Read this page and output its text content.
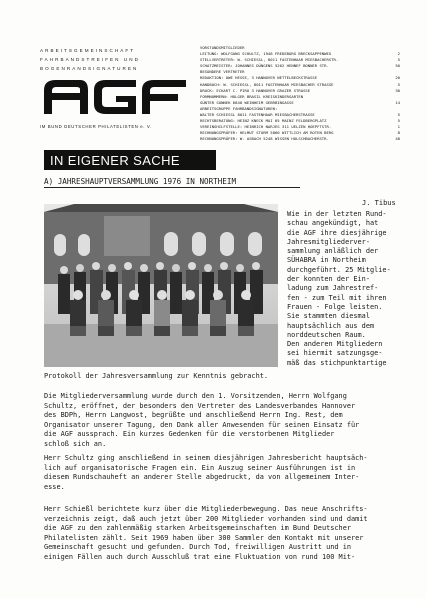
ARBEITSGEMEINSCHAFT
FAHRBANDSTREIFEN UND
BOGENRANDSIGNATUREN
AGF
IM BUND DEUTSCHER PHILATELISTEN e. V.
VORSTANDSMITGLIEDER
LEITUNG: WOLFGANG SCHULTZ, 1948 FREDEBURG BRECKSAPPENWEG	2
STELLVERTRETER: W. SCHIESSL, 8011 FASTENHAAR MIESBACHERSTR.	5
SCHATZMEISTER: JOHANNES DÜNGENS 5202 HENNEF BONNER STR.	50
BESONDERE VERTRETER
REDAKTION: UWE HESSE, 3 HANNOVER NETTELBECKSTRASSE	20
HANDBUCH: W. SCHIESSL, 8011 FASTENHAAR MIESBACHER STRASSE	5
DRUCK: ECKART C. PIRO 3 HANNOVER GRAZER STRASSE	30
FORMNUMMERN: HOLGER BRASIL KREISKINDERGARTEN
GÜNTER SONNEK 6840 WEINHEIM GEBRBINGASSE	14
ARBEITSGRUPPE FAHRBANDSIGNATUREN:
WALTER SCHIESSL 8011 FASTENHAAR MIESBACHERSTRASSE	5
RECHTSBERATUNG: HEINZ KNECK MAI 65 MAINZ FELDBERGPLATZ	5
VEREINSHILFSTELLE: HEINRICH NARJES 311 UELZEN HOEPFTSTR.	1
RECHNUNGSPRÜFER: HELMUT STURM 5860 WITTLICH AM ROTEN BERG	8
RECHNUNGSPRÜFER: W. ASBACH 5248 WISSEN HOLSCHBACHERSTR.	48
IN EIGENER SACHE
A) JAHRESHAUPTVERSAMMLUNG 1976 IN NORTHEIM
J. Tibus
Wie in der letzten Rund-
schau angekündigt, hat
die AGF ihre diesjährige
Jahresmitgliederver-
sammlung anläßlich der
SÜHABRA in Northeim
durchgeführt. 25 Mitglie-
der konnten der Ein-
ladung zum Jahrestref-
fen - zum Teil mit ihren
Frauen - Folge leisten.
Sie stammten diesmal
hauptsächlich aus dem
norddeutschen Raum.
Den anderen Mitgliedern
sei hiermit satzungsge-
mäß das stichpunktartige
Protokoll der Jahresversammlung zur Kenntnis gebracht.
Die Mitgliederversammlung wurde durch den 1. Vorsitzenden, Herrn Wolfgang
Schultz, eröffnet, der besonders den Vertreter des Landesverbandes Hannover
des BDPh, Herrn Langwost, begrüßte und anschließend Herrn Ing. Rest, dem
Organisator unserer Tagung, den Dank aller Anwesenden für seinen Einsatz für
die AGF aussprach. Ein kurzes Gedenken für die verstorbenen Mitglieder
schloß sich an.
Herr Schultz ging anschließend in seinem diesjährigen Jahresbericht hauptsäch-
lich auf organisatorische Fragen ein. Ein Auszug seiner Ausführungen ist in
diesem Rundschauheft an anderer Stelle abgedruckt, da von allgemeinem Inter-
esse.
Herr Schießl berichtete kurz über die Mitgliederbewegung. Das neue Anschrifts-
verzeichnis zeigt, daß auch jetzt über 200 Mitglieder vorhanden sind und damit
die AGF zu den zahlenmäßig starken Arbeitsgemeinschaften im Bund Deutscher
Philatelisten zählt. Seit 1969 haben über 300 Sammler den Kontakt mit unserer
Gemeinschaft gesucht und gefunden. Durch Tod, freiwilligen Austritt und in
einigen Fällen auch durch Ausschluß trat eine Fluktuation von rund 100 Mit-
